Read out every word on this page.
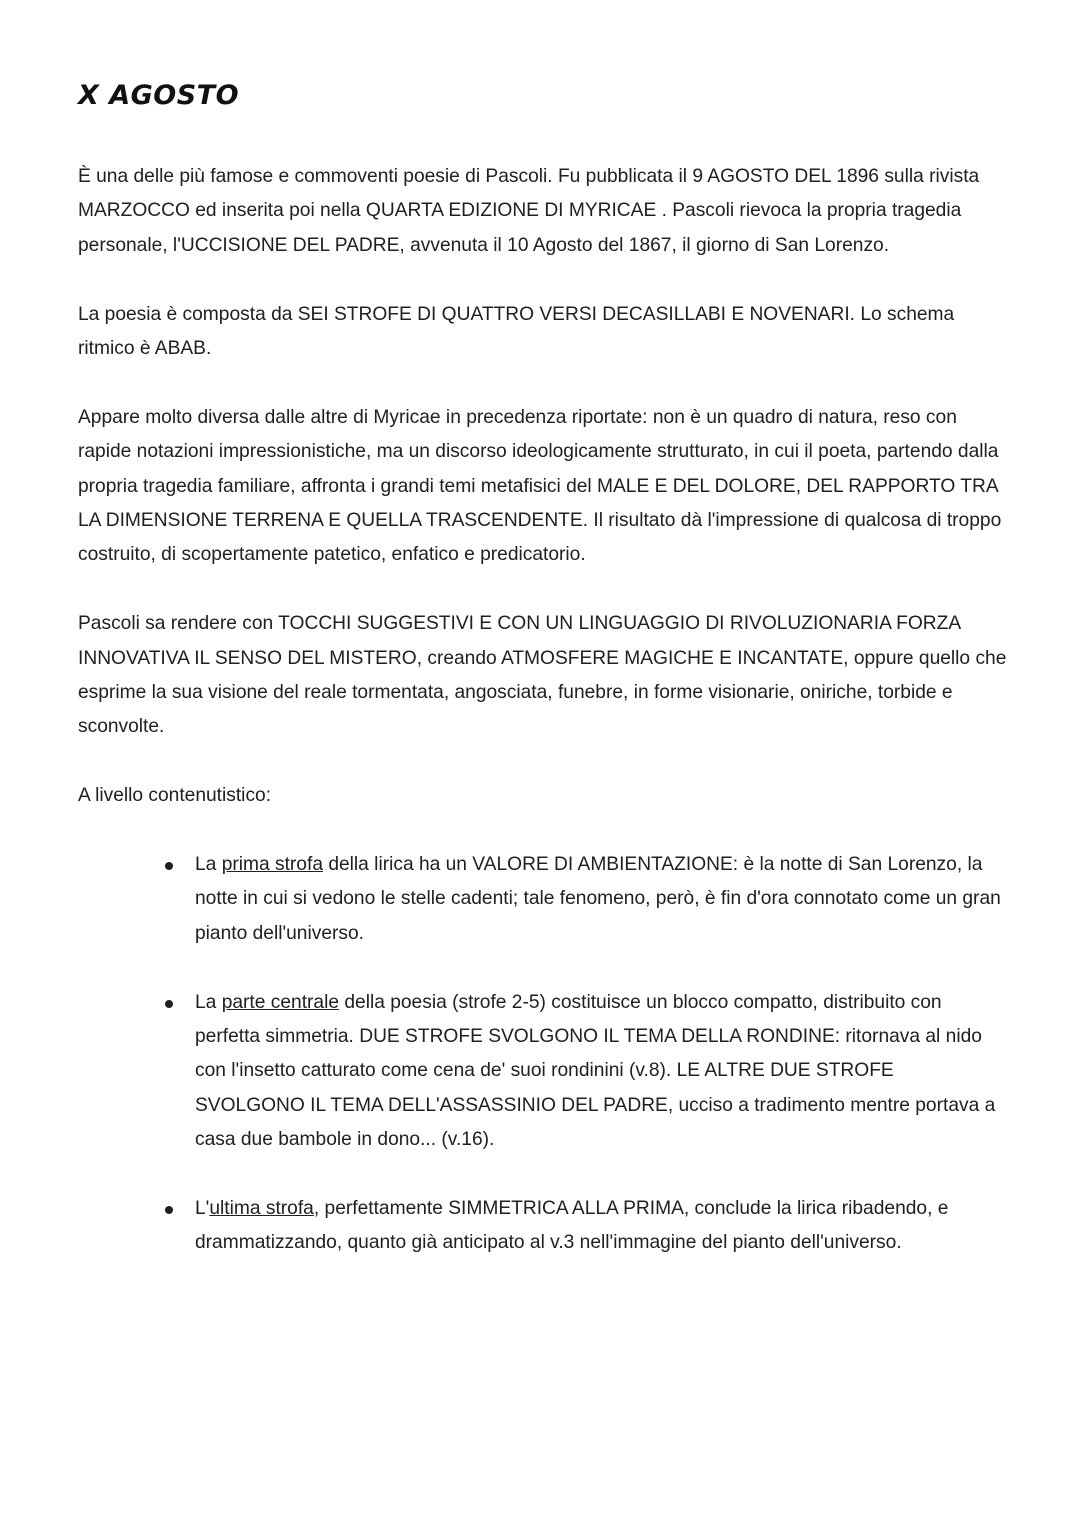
X AGOSTO

È una delle più famose e commoventi poesie di Pascoli. Fu pubblicata il 9 AGOSTO DEL 1896 sulla rivista MARZOCCO ed inserita poi nella QUARTA EDIZIONE DI MYRICAE . Pascoli rievoca la propria tragedia personale, l'UCCISIONE DEL PADRE, avvenuta il 10 Agosto del 1867, il giorno di San Lorenzo.

La poesia è composta da SEI STROFE DI QUATTRO VERSI DECASILLABI E NOVENARI. Lo schema ritmico è ABAB.

Appare molto diversa dalle altre di Myricae in precedenza riportate: non è un quadro di natura, reso con rapide notazioni impressionistiche, ma un discorso ideologicamente strutturato, in cui il poeta, partendo dalla propria tragedia familiare, affronta i grandi temi metafisici del MALE E DEL DOLORE, DEL RAPPORTO TRA LA DIMENSIONE TERRENA E QUELLA TRASCENDENTE. Il risultato dà l'impressione di qualcosa di troppo costruito, di scopertamente patetico, enfatico e predicatorio.

Pascoli sa rendere con TOCCHI SUGGESTIVI E CON UN LINGUAGGIO DI RIVOLUZIONARIA FORZA INNOVATIVA IL SENSO DEL MISTERO, creando ATMOSFERE MAGICHE E INCANTATE, oppure quello che esprime la sua visione del reale tormentata, angosciata, funebre, in forme visionarie, oniriche, torbide e sconvolte.

A livello contenutistico:

La prima strofa della lirica ha un VALORE DI AMBIENTAZIONE: è la notte di San Lorenzo, la notte in cui si vedono le stelle cadenti; tale fenomeno, però, è fin d'ora connotato come un gran pianto dell'universo.
La parte centrale della poesia (strofe 2-5) costituisce un blocco compatto, distribuito con perfetta simmetria. DUE STROFE SVOLGONO IL TEMA DELLA RONDINE: ritornava al nido con l'insetto catturato come cena de' suoi rondinini (v.8). LE ALTRE DUE STROFE SVOLGONO IL TEMA DELL'ASSASSINIO DEL PADRE, ucciso a tradimento mentre portava a casa due bambole in dono... (v.16).
L'ultima strofa, perfettamente SIMMETRICA ALLA PRIMA, conclude la lirica ribadendo, e drammatizzando, quanto già anticipato al v.3 nell'immagine del pianto dell'universo.
